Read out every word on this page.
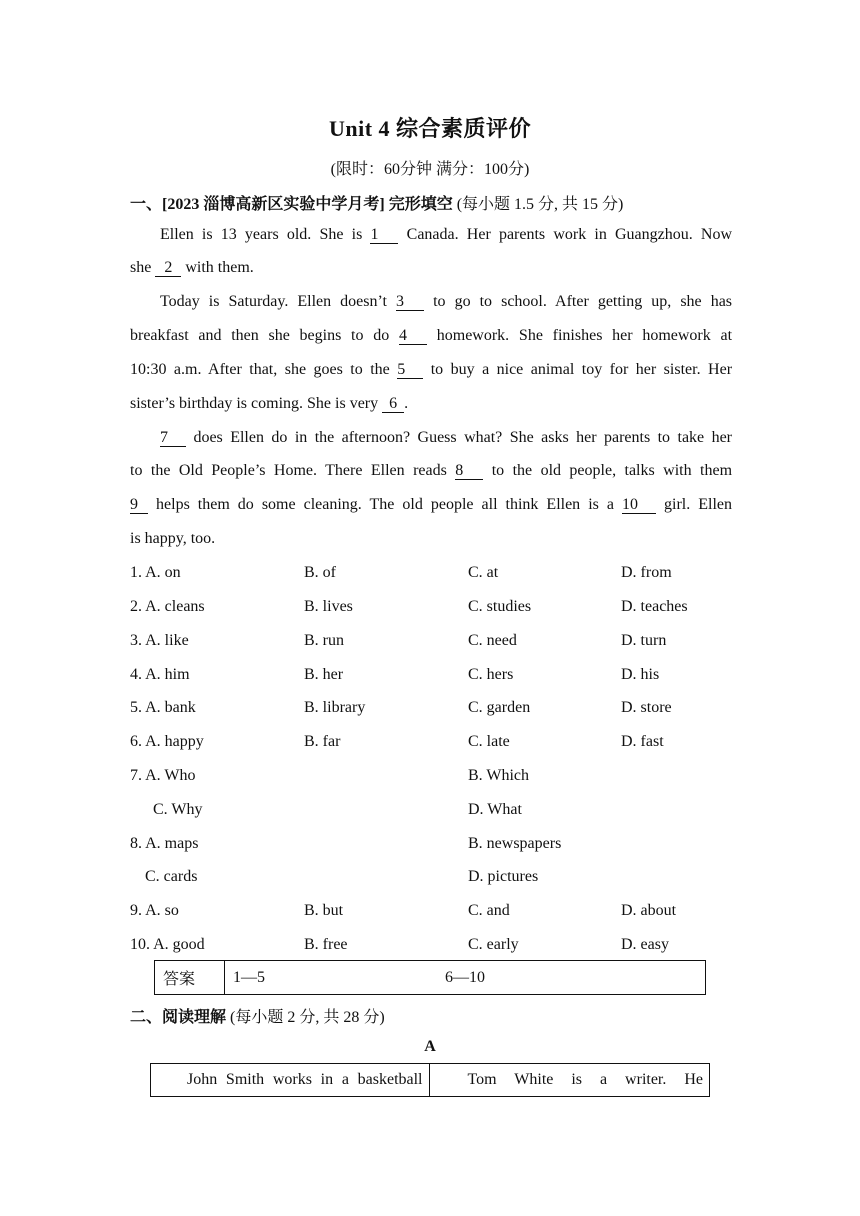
Unit 4 综合素质评价
(限时：60分钟 满分：100分)
一、[2023 淄博高新区实验中学月考] 完形填空 (每小题 1.5 分, 共 15 分)
Ellen is 13 years old. She is 1 Canada. Her parents work in Guangzhou. Now
she 2 with them.
Today is Saturday. Ellen doesn’t 3 to go to school. After getting up, she has
breakfast and then she begins to do 4 homework. She finishes her homework at
10:30 a.m. After that, she goes to the 5 to buy a nice animal toy for her sister. Her
sister’s birthday is coming. She is very 6 .
7 does Ellen do in the afternoon? Guess what? She asks her parents to take her
to the Old People’s Home. There Ellen reads 8 to the old people, talks with them
9 helps them do some cleaning. The old people all think Ellen is a 10 girl. Ellen
is happy, too.
1. A. on	B. of	C. at	D. from
2. A. cleans	B. lives	C. studies	D. teaches
3. A. like	B. run	C. need	D. turn
4. A. him	B. her	C. hers	D. his
5. A. bank	B. library	C. garden	D. store
6. A. happy	B. far	C. late	D. fast
7. A. Who	B. Which
C. Why	D. What
8. A. maps	B. newspapers
C. cards	D. pictures
9. A. so	B. but	C. and	D. about
10. A. good	B. free	C. early	D. easy
答案	1—5	6—10
二、阅读理解 (每小题 2 分, 共 28 分)
A
John Smith works in a basketball	Tom White is a writer. He
